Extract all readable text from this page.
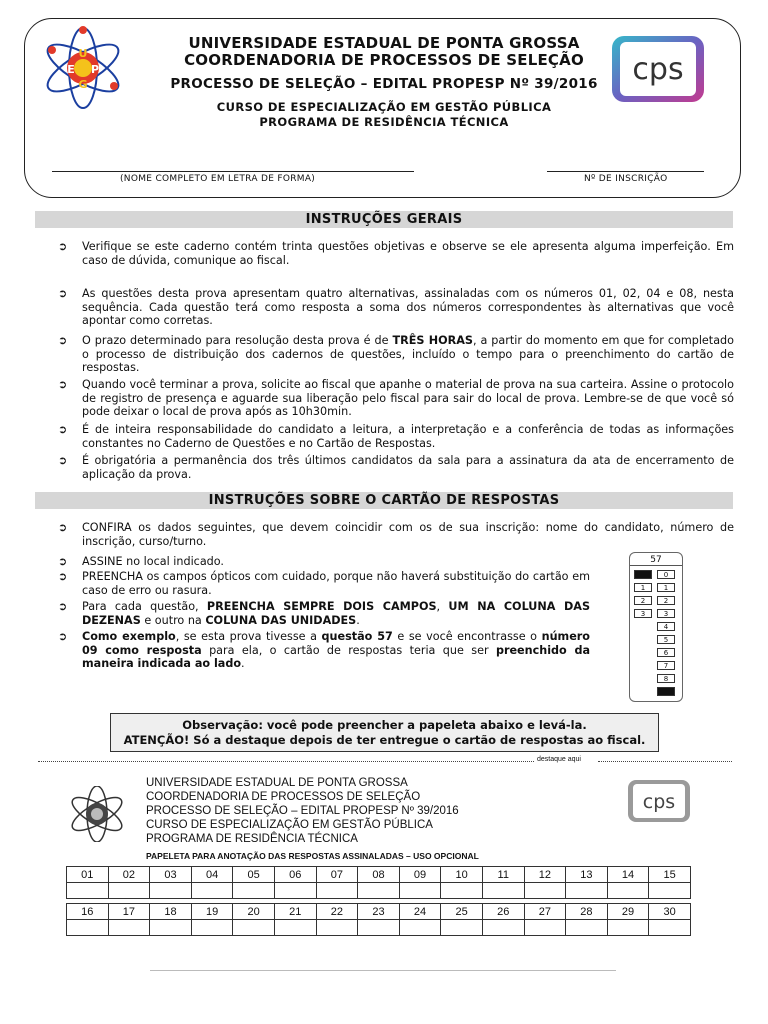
U
E P
G	cps
UNIVERSIDADE ESTADUAL DE PONTA GROSSA
COORDENADORIA DE PROCESSOS DE SELEÇÃO
PROCESSO DE SELEÇÃO – EDITAL PROPESP Nº 39/2016
CURSO DE ESPECIALIZAÇÃO EM GESTÃO PÚBLICA
PROGRAMA DE RESIDÊNCIA TÉCNICA
(NOME COMPLETO EM LETRA DE FORMA)	Nº DE INSCRIÇÃO
INSTRUÇÕES GERAIS
➲ Verifique se este caderno contém trinta questões objetivas e observe se ele apresenta alguma imperfeição. Em caso de dúvida, comunique ao fiscal.
➲ As questões desta prova apresentam quatro alternativas, assinaladas com os números 01, 02, 04 e 08, nesta sequência. Cada questão terá como resposta a soma dos números correspondentes às alternativas que você apontar como corretas.
➲ O prazo determinado para resolução desta prova é de TRÊS HORAS, a partir do momento em que for completado o processo de distribuição dos cadernos de questões, incluído o tempo para o preenchimento do cartão de respostas.
➲ Quando você terminar a prova, solicite ao fiscal que apanhe o material de prova na sua carteira. Assine o protocolo de registro de presença e aguarde sua liberação pelo fiscal para sair do local de prova. Lembre-se de que você só pode deixar o local de prova após as 10h30min.
➲ É de inteira responsabilidade do candidato a leitura, a interpretação e a conferência de todas as informações constantes no Caderno de Questões e no Cartão de Respostas.
➲ É obrigatória a permanência dos três últimos candidatos da sala para a assinatura da ata de encerramento de aplicação da prova.
INSTRUÇÕES SOBRE O CARTÃO DE RESPOSTAS
➲ CONFIRA os dados seguintes, que devem coincidir com os de sua inscrição: nome do candidato, número de inscrição, curso/turno.
➲ ASSINE no local indicado.
➲ PREENCHA os campos ópticos com cuidado, porque não haverá substituição do cartão em caso de erro ou rasura.
➲ Para cada questão, PREENCHA SEMPRE DOIS CAMPOS, UM NA COLUNA DAS DEZENAS e outro na COLUNA DAS UNIDADES.
➲ Como exemplo, se esta prova tivesse a questão 57 e se você encontrasse o número 09 como resposta para ela, o cartão de respostas teria que ser preenchido da maneira indicada ao lado.
57
1
2
3
0
1
2
3
4
5
6
7
8
Observação: você pode preencher a papeleta abaixo e levá-la.
ATENÇÃO! Só a destaque depois de ter entregue o cartão de respostas ao fiscal.
destaque aqui
UNIVERSIDADE ESTADUAL DE PONTA GROSSA
COORDENADORIA DE PROCESSOS DE SELEÇÃO
PROCESSO DE SELEÇÃO – EDITAL PROPESP Nº 39/2016
CURSO DE ESPECIALIZAÇÃO EM GESTÃO PÚBLICA
PROGRAMA DE RESIDÊNCIA TÉCNICA
cps
PAPELETA PARA ANOTAÇÃO DAS RESPOSTAS ASSINALADAS – USO OPCIONAL
01	02	03	04	05	06	07	08	09	10	11	12	13	14	15

16	17	18	19	20	21	22	23	24	25	26	27	28	29	30
